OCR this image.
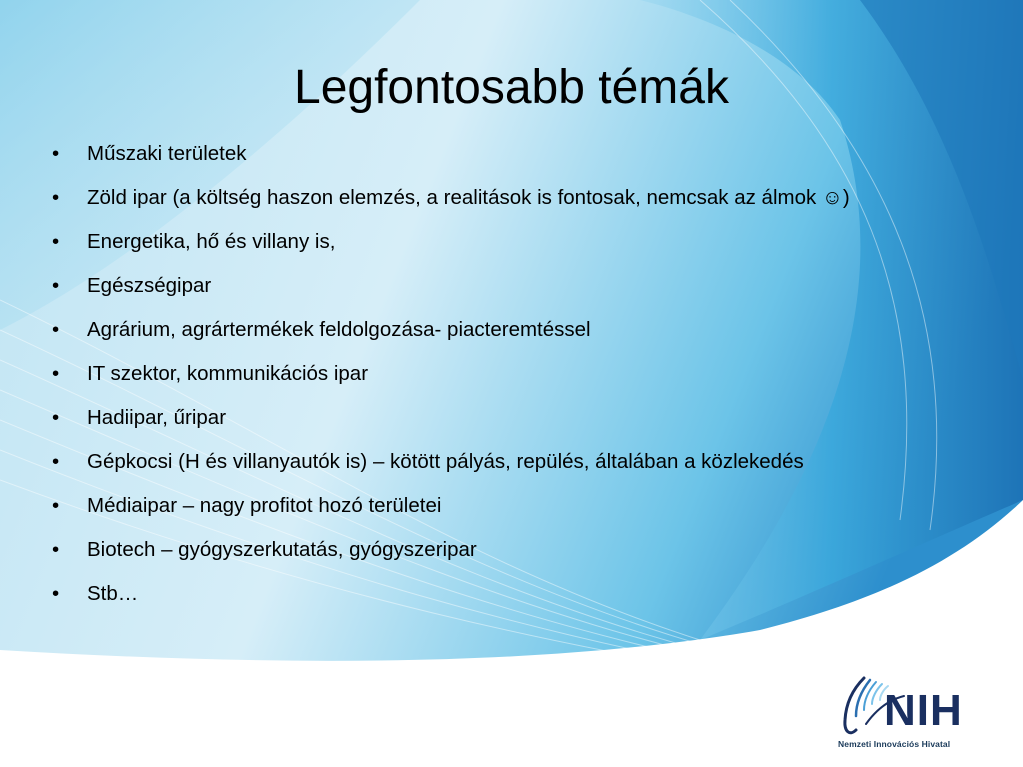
Legfontosabb témák
• Műszaki területek
• Zöld ipar (a költség haszon elemzés, a realitások is fontosak, nemcsak az álmok ☺)
• Energetika, hő és villany is,
• Egészségipar
• Agrárium, agrártermékek feldolgozása- piacteremtéssel
• IT szektor, kommunikációs ipar
• Hadiipar, űripar
• Gépkocsi (H és villanyautók is) – kötött pályás, repülés, általában a közlekedés
• Médiaipar – nagy profitot hozó területei
• Biotech – gyógyszerkutatás, gyógyszeripar
• Stb…
NIH
Nemzeti Innovációs Hivatal
